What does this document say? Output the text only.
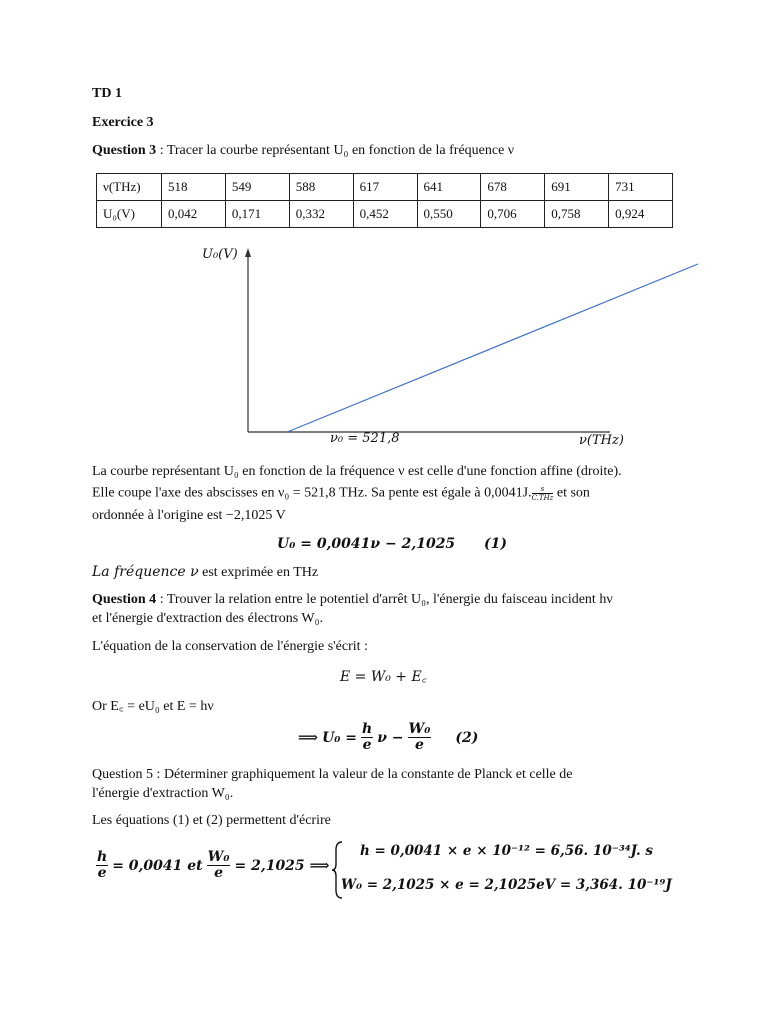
TD 1
Exercice 3
Question 3 : Tracer la courbe représentant U₀ en fonction de la fréquence ν
ν(THz)	518	549	588	617	641	678	691	731
U₀(V)	0,042	0,171	0,332	0,452	0,550	0,706	0,758	0,924
U₀(V)
ν₀ = 521,8	ν(THz)
La courbe représentant U₀ en fonction de la fréquence ν est celle d'une fonction affine (droite).
Elle coupe l'axe des abscisses en ν₀ = 521,8 THz. Sa pente est égale à 0,0041J.	s
C.THz et son
ordonnée à l'origine est −2,1025 V
U₀ = 0,0041ν − 2,1025 (1)
La fréquence ν est exprimée en THz
Question 4 : Trouver la relation entre le potentiel d'arrêt U₀, l'énergie du faisceau incident hν
et l'énergie d'extraction des électrons W₀.
L'équation de la conservation de l'énergie s'écrit :
E = W₀ + E꜀
Or E꜀ = eU₀ et E = hν
⟹ $U_0 = \frac{h}{e}$ $\nu - \frac{\text{W₀}}{e} (2)$
Question 5 : Déterminer graphiquement la valeur de la constante de Planck et celle de
l'énergie d'extraction W₀.
Les équations (1) et (2) permettent d'écrire
$\frac{h}{e} = 0,0041$ et $\frac{\text{W₀}}{e} = 2,1025$ ⟹
h = 0,0041 × e × 10⁻¹² = 6,56. 10⁻³⁴J. s
W₀ = 2,1025 × e = 2,1025eV = 3,364. 10⁻¹⁹J
